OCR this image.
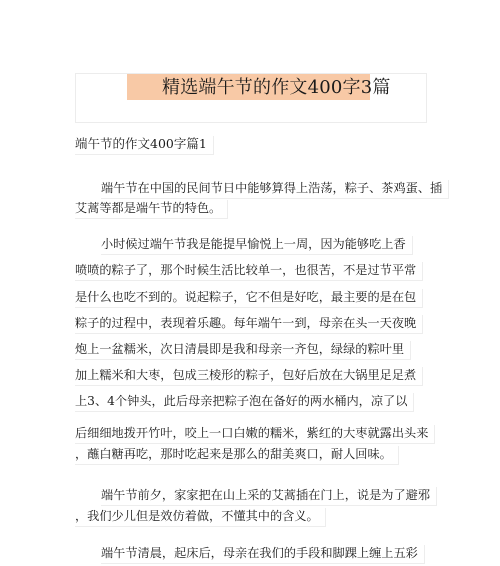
精选端午节的作文400字3篇
端午节的作文400字篇1
端午节在中国的民间节日中能够算得上浩荡，粽子、茶鸡蛋、插
艾蒿等都是端午节的特色。
小时候过端午节我是能提早愉悦上一周，因为能够吃上香
喷喷的粽子了，那个时候生活比较单一，也很苦，不是过节平常
是什么也吃不到的。说起粽子，它不但是好吃，最主要的是在包
粽子的过程中，表现着乐趣。每年端午一到，母亲在头一天夜晚
炮上一盆糯米，次日清晨即是我和母亲一齐包，绿绿的粽叶里
加上糯米和大枣，包成三棱形的粽子，包好后放在大锅里足足煮
上3、4个钟头，此后母亲把粽子泡在备好的两水桶内，凉了以
后细细地拨开竹叶，咬上一口白嫩的糯米，紫红的大枣就露出头来
，蘸白糖再吃，那时吃起来是那么的甜美爽口，耐人回味。
端午节前夕，家家把在山上采的艾蒿插在门上，说是为了避邪
，我们少儿但是效仿着做，不懂其中的含义。
端午节清晨，起床后，母亲在我们的手段和脚踝上缠上五彩
